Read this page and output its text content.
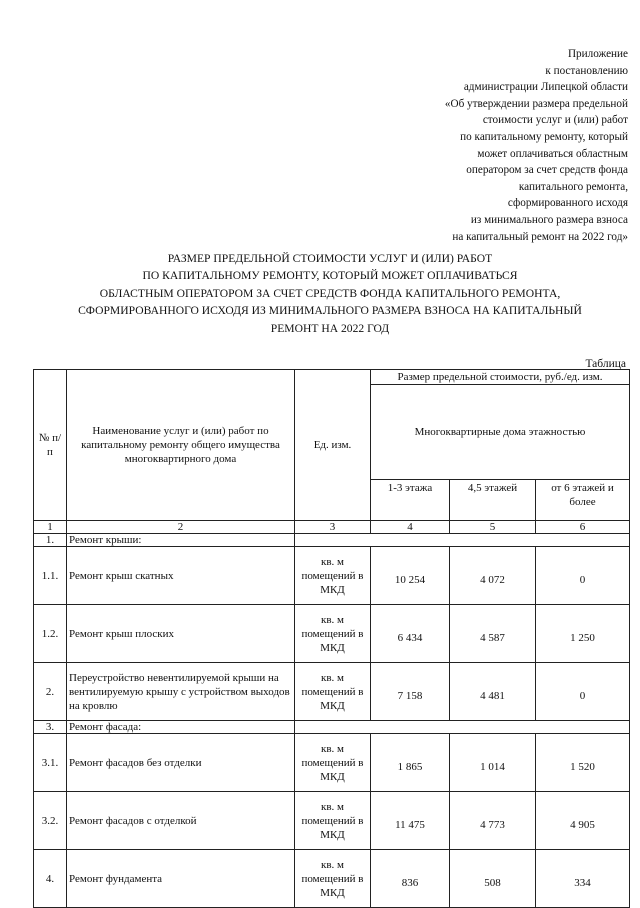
Приложение
к постановлению
администрации Липецкой области
«Об утверждении размера предельной
стоимости услуг и (или) работ
по капитальному ремонту, который
может оплачиваться областным
оператором за счет средств фонда
капитального ремонта,
сформированного исходя
из минимального размера взноса
на капитальный ремонт на 2022 год»
РАЗМЕР ПРЕДЕЛЬНОЙ СТОИМОСТИ УСЛУГ И (ИЛИ) РАБОТ
ПО КАПИТАЛЬНОМУ РЕМОНТУ, КОТОРЫЙ МОЖЕТ ОПЛАЧИВАТЬСЯ
ОБЛАСТНЫМ ОПЕРАТОРОМ ЗА СЧЕТ СРЕДСТВ ФОНДА КАПИТАЛЬНОГО РЕМОНТА,
СФОРМИРОВАННОГО ИСХОДЯ ИЗ МИНИМАЛЬНОГО РАЗМЕРА ВЗНОСА НА КАПИТАЛЬНЫЙ
РЕМОНТ НА 2022 ГОД
Таблица
№ п/п	Наименование услуг и (или) работ по капитальному ремонту общего имущества многоквартирного дома	Ед. изм.	Размер предельной стоимости, руб./ед. изм.		
			Многоквартирные дома этажностью		
			1-3 этажа	4,5 этажей	от 6 этажей и более
1	2	3	4	5	6
1.	Ремонт крыши:				
1.1.	Ремонт крыш скатных	кв. м помещений в МКД	10 254	4 072	0
1.2.	Ремонт крыш плоских	кв. м помещений в МКД	6 434	4 587	1 250
2.	Переустройство невентилируемой крыши на вентилируемую крышу с устройством выходов на кровлю	кв. м помещений в МКД	7 158	4 481	0
3.	Ремонт фасада:				
3.1.	Ремонт фасадов без отделки	кв. м помещений в МКД	1 865	1 014	1 520
3.2.	Ремонт фасадов с отделкой	кв. м помещений в МКД	11 475	4 773	4 905
4.	Ремонт фундамента	кв. м помещений в МКД	836	508	334
